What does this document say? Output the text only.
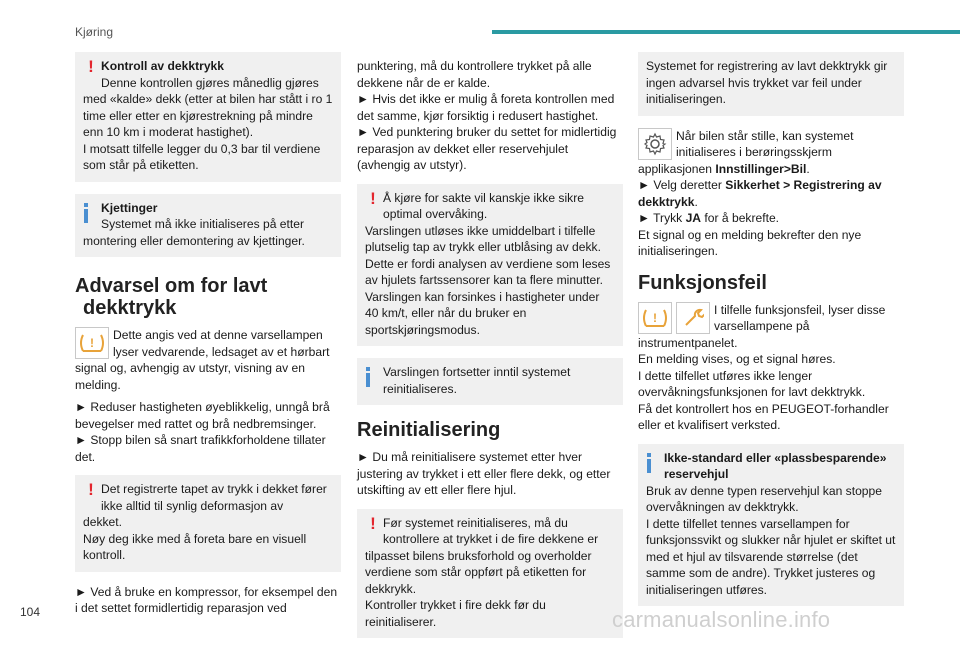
Kjøring
! Kontroll av dekktrykk
Denne kontrollen gjøres månedlig gjøres
med «kalde» dekk (etter at bilen har stått i ro 1 time eller etter en kjørestrekning på mindre enn 10 km i moderat hastighet).
I motsatt tilfelle legger du 0,3 bar til verdiene som står på etiketten.
Kjettinger
Systemet må ikke initialiseres på etter
montering eller demontering av kjettinger.
Advarsel om for lavt dekktrykk
!
Dette angis ved at denne varsellampen lyser vedvarende, ledsaget av et hørbart signal og, avhengig av utstyr, visning av en melding.

► Reduser hastigheten øyeblikkelig, unngå brå bevegelser med rattet og brå nedbremsinger.

► Stopp bilen så snart trafikkforholdene tillater det.

! Det registrerte tapet av trykk i dekket fører ikke alltid til synlig deformasjon av
dekket.
Nøy deg ikke med å foreta bare en visuell kontroll.

► Ved å bruke en kompressor, for eksempel den i det settet formidlertidig reparasjon ved

punktering, må du kontrollere trykket på alle dekkene når de er kalde.

► Hvis det ikke er mulig å foreta kontrollen med det samme, kjør forsiktig i redusert hastighet.

► Ved punktering bruker du settet for midlertidig reparasjon av dekket eller reservehjulet (avhengig av utstyr).

! Å kjøre for sakte vil kanskje ikke sikre optimal overvåking.
Varslingen utløses ikke umiddelbart i tilfelle plutselig tap av trykk eller utblåsing av dekk. Dette er fordi analysen av verdiene som leses av hjulets fartssensorer kan ta flere minutter. Varslingen kan forsinkes i hastigheter under 40 km/t, eller når du bruker en sportskjøringsmodus.
Varslingen fortsetter inntil systemet reinitialiseres.
Reinitialisering

► Du må reinitialisere systemet etter hver justering av trykket i ett eller flere dekk, og etter utskifting av ett eller flere hjul.

! Før systemet reinitialiseres, må du kontrollere at trykket i de fire dekkene er
tilpasset bilens bruksforhold og overholder verdiene som står oppført på etiketten for dekkrykk.
Kontroller trykket i fire dekk før du reinitialiserer.
Systemet for registrering av lavt dekktrykk gir ingen advarsel hvis trykket var feil under initialiseringen.
Når bilen står stille, kan systemet initialiseres i berøringsskjerm
applikasjonen Innstillinger>Bil.

► Velg deretter Sikkerhet > Registrering av dekktrykk.

► Trykk JA for å bekrefte.

Et signal og en melding bekrefter den nye initialiseringen.

Funksjonsfeil
!
I tilfelle funksjonsfeil, lyser disse varsellampene på
instrumentpanelet.

En melding vises, og et signal høres.

I dette tilfellet utføres ikke lenger overvåkningsfunksjonen for lavt dekktrykk.

Få det kontrollert hos en PEUGEOT-forhandler eller et kvalifisert verksted.

Ikke-standard eller «plassbesparende» reservehjul
Bruk av denne typen reservehjul kan stoppe overvåkningen av dekktrykk.
I dette tilfellet tennes varsellampen for funksjonssvikt og slukker når hjulet er skiftet ut med et hjul av tilsvarende størrelse (det samme som de andre). Trykket justeres og initialiseringen utføres.
104	carmanualsonline.info
